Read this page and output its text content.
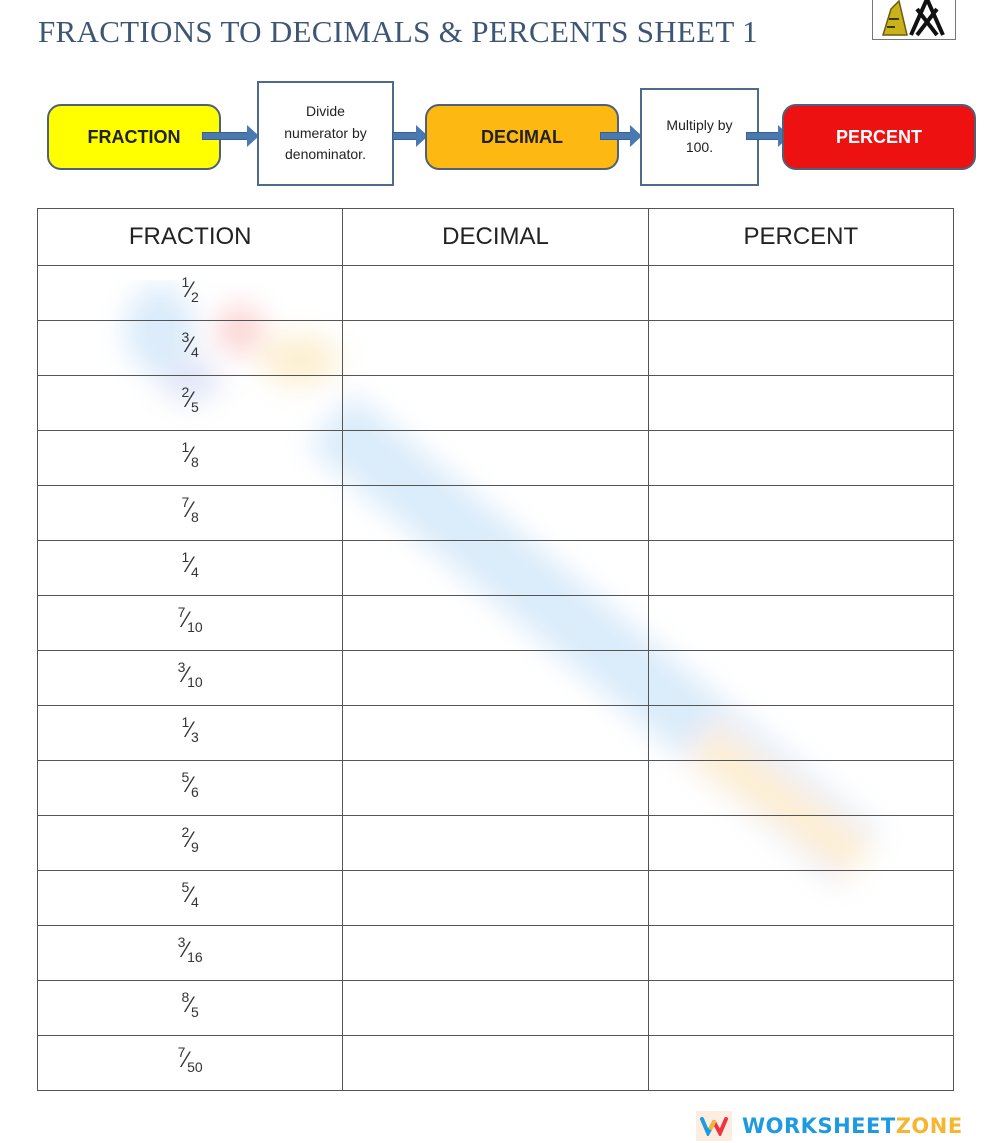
FRACTIONS TO DECIMALS & PERCENTS SHEET 1
FRACTION
Divide
numerator by
denominator.
DECIMAL
Multiply by
100.
PERCENT
FRACTION	DECIMAL	PERCENT
$^1⁄_2$		
$^3⁄_4$		
$^2⁄_5$		
$^1⁄_8$		
$^7⁄_8$		
$^1⁄_4$		
$^7⁄_{10}$		
$^3⁄_{10}$		
$^1⁄_3$		
$^5⁄_6$		
$^2⁄_9$		
$^5⁄_4$		
$^3⁄_{16}$		
$^8⁄_5$		
$^7⁄_{50}$		
WORKSHEETZONE
